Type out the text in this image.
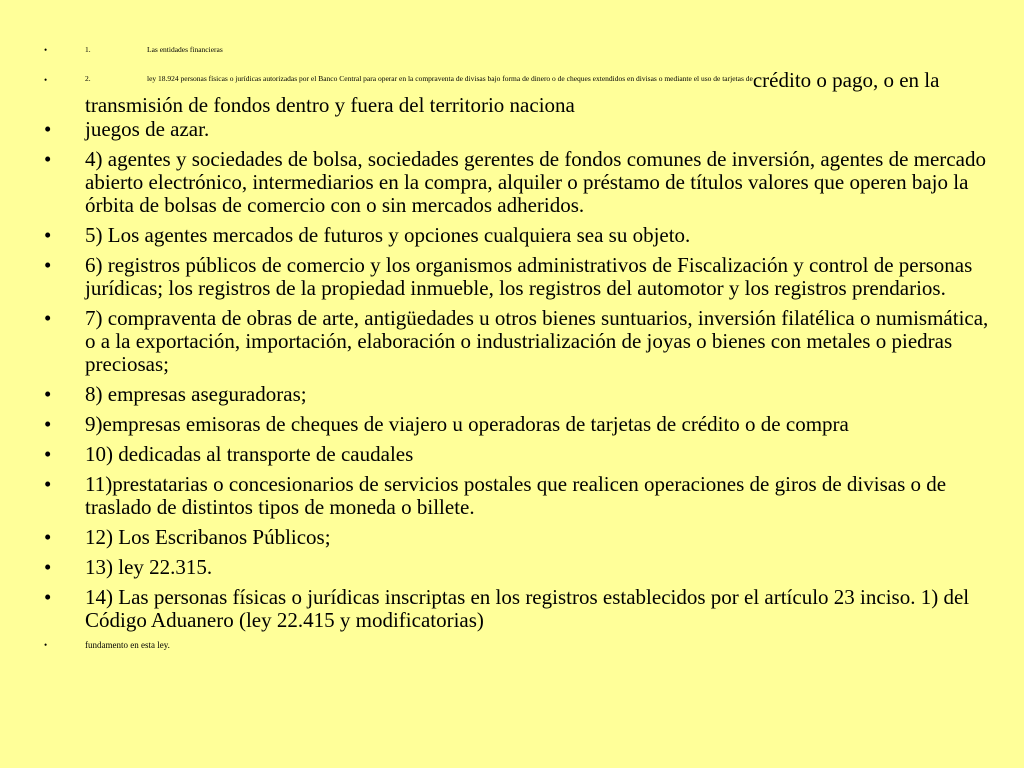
•	1.	Las entidades financieras
•	$^{2. ley 18.924 personas físicas o jurídicas autorizadas por el Banco Central para operar en la compraventa de divisas bajo forma de dinero o de cheques extendidos en divisas o mediante el uso de tarjetas de}$crédito o pago, o en la transmisión de fondos dentro y fuera del territorio naciona
• juegos de azar.
• 4) agentes y sociedades de bolsa, sociedades gerentes de fondos comunes de inversión, agentes de mercado abierto electrónico, intermediarios en la compra, alquiler o préstamo de títulos valores que operen bajo la órbita de bolsas de comercio con o sin mercados adheridos.
• 5) Los agentes mercados de futuros y opciones cualquiera sea su objeto.
• 6) registros públicos de comercio y los organismos administrativos de Fiscalización y control de personas jurídicas; los registros de la propiedad inmueble, los registros del automotor y los registros prendarios.
• 7) compraventa de obras de arte, antigüedades u otros bienes suntuarios, inversión filatélica o numismática, o a la exportación, importación, elaboración o industrialización de joyas o bienes con metales o piedras preciosas;
• 8) empresas aseguradoras;
• 9)empresas emisoras de cheques de viajero u operadoras de tarjetas de crédito o de compra
• 10) dedicadas al transporte de caudales
• 11)prestatarias o concesionarios de servicios postales que realicen operaciones de giros de divisas o de traslado de distintos tipos de moneda o billete.
• 12) Los Escribanos Públicos;
• 13) ley 22.315.
• 14) Las personas físicas o jurídicas inscriptas en los registros establecidos por el artículo 23 inciso. 1) del Código Aduanero (ley 22.415 y modificatorias)
•	fundamento en esta ley.
